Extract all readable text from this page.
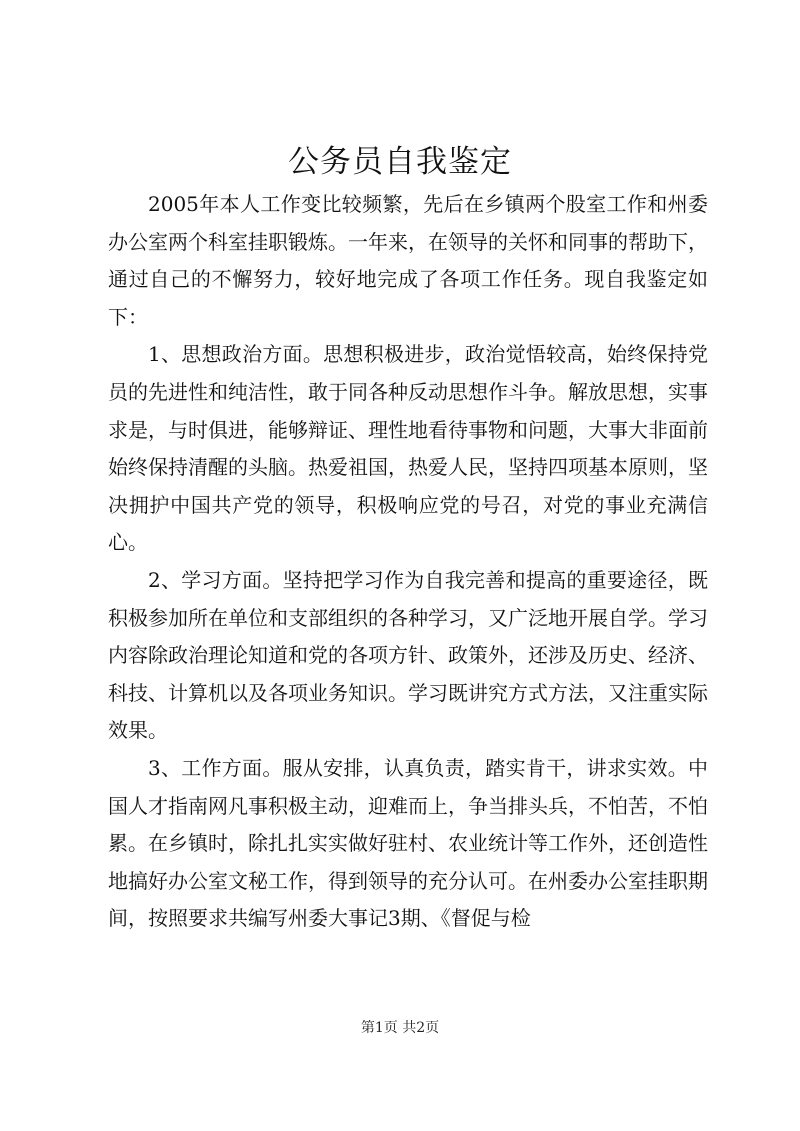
公务员自我鉴定

2005年本人工作变比较频繁，先后在乡镇两个股室工作和州委办公室两个科室挂职锻炼。一年来，在领导的关怀和同事的帮助下，通过自己的不懈努力，较好地完成了各项工作任务。现自我鉴定如下：

1、思想政治方面。思想积极进步，政治觉悟较高，始终保持党员的先进性和纯洁性，敢于同各种反动思想作斗争。解放思想，实事求是，与时俱进，能够辩证、理性地看待事物和问题，大事大非面前始终保持清醒的头脑。热爱祖国，热爱人民，坚持四项基本原则，坚决拥护中国共产党的领导，积极响应党的号召，对党的事业充满信心。

2、学习方面。坚持把学习作为自我完善和提高的重要途径，既积极参加所在单位和支部组织的各种学习，又广泛地开展自学。学习内容除政治理论知道和党的各项方针、政策外，还涉及历史、经济、科技、计算机以及各项业务知识。学习既讲究方式方法，又注重实际效果。

3、工作方面。服从安排，认真负责，踏实肯干，讲求实效。中国人才指南网凡事积极主动，迎难而上，争当排头兵，不怕苦，不怕累。在乡镇时，除扎扎实实做好驻村、农业统计等工作外，还创造性地搞好办公室文秘工作，得到领导的充分认可。在州委办公室挂职期间，按照要求共编写州委大事记3期、《督促与检

第1页 共2页
